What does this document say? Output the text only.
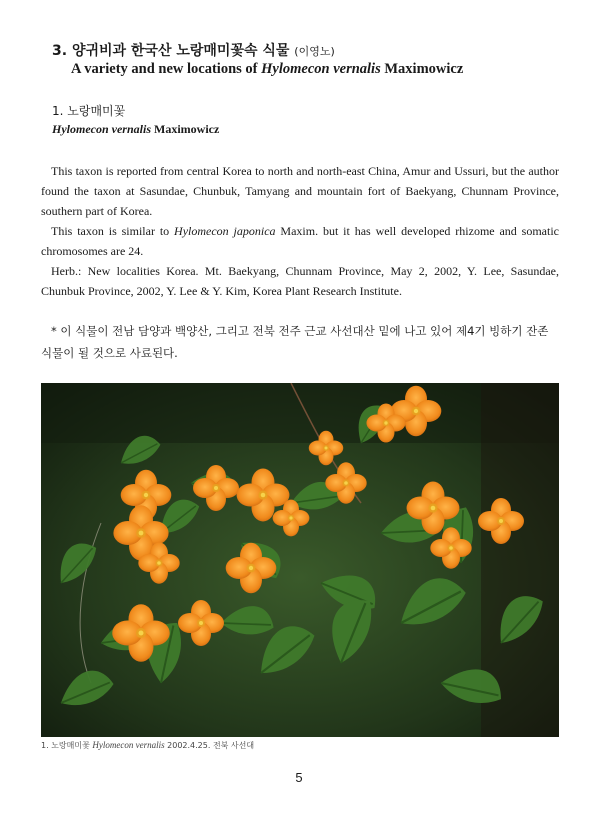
3. 양귀비과 한국산 노랑매미꽃속 식물 (이영노)
A variety and new locations of Hylomecon vernalis Maximowicz
1. 노랑매미꽃
Hylomecon vernalis Maximowicz
This taxon is reported from central Korea to north and north-east China, Amur and Ussuri, but the author found the taxon at Sasundae, Chunbuk, Tamyang and mountain fort of Baekyang, Chunnam Province, southern part of Korea.
This taxon is similar to Hylomecon japonica Maxim. but it has well developed rhizome and somatic chromosomes are 24.
Herb.: New localities Korea. Mt. Baekyang, Chunnam Province, May 2, 2002, Y. Lee, Sasundae, Chunbuk Province, 2002, Y. Lee & Y. Kim, Korea Plant Research Institute.
* 이 식물이 전남 담양과 백양산, 그리고 전북 전주 근교 사선대산 밑에 나고 있어 제4기 빙하기 잔존 식물이 될 것으로 사료된다.
1. 노랑매미꽃 Hylomecon vernalis 2002.4.25. 전북 사선대
5
